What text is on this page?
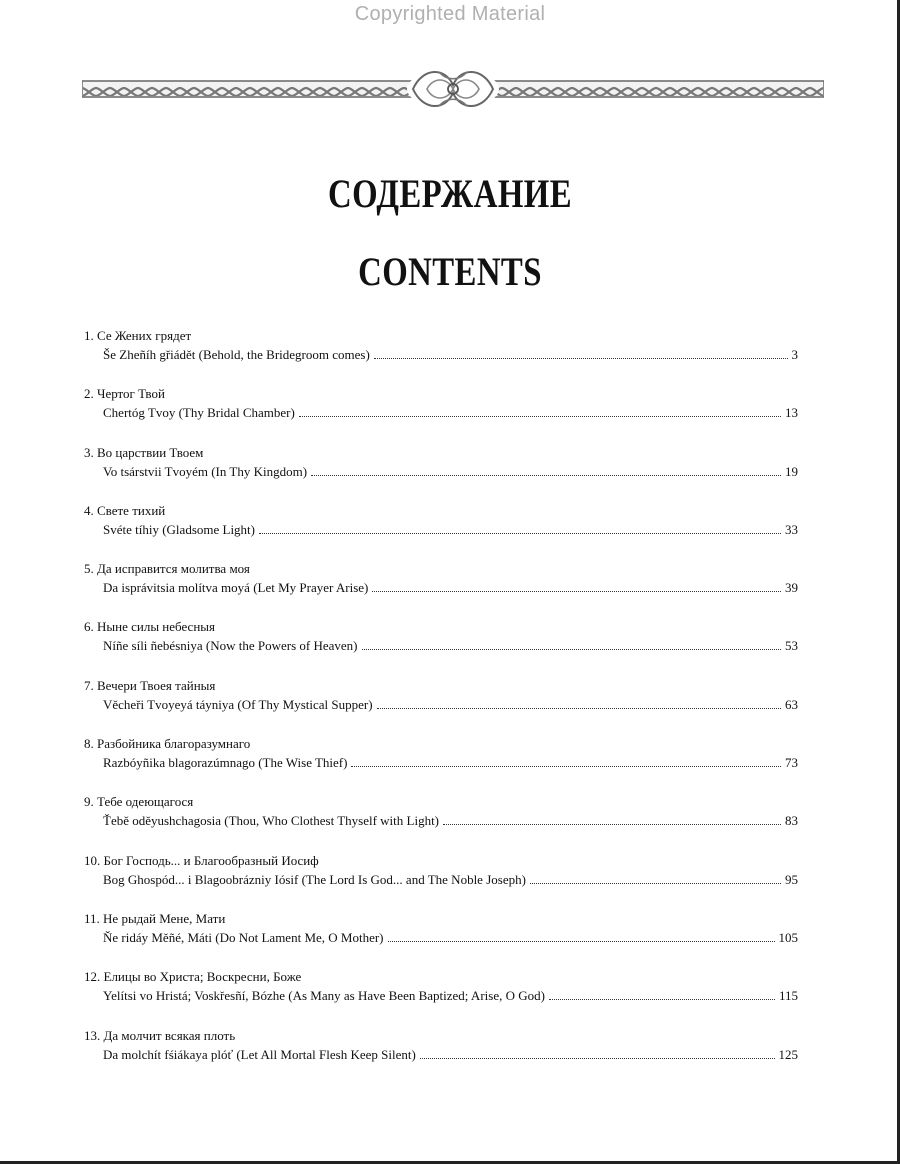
Copyrighted Material
СОДЕРЖАНИЕ
CONTENTS
1. Се Жених грядет
Še Zheñíh gřiádět (Behold, the Bridegroom comes)	3
2. Чертог Твой
Chertóg Tvoy (Thy Bridal Chamber)	13
3. Во царствии Твоем
Vo tsárstvii Tvoyém (In Thy Kingdom)	19
4. Свете тихий
Svéte tíhiy (Gladsome Light)	33
5. Да исправится молитва моя
Da isprávitsia molítva moyá (Let My Prayer Arise)	39
6. Ныне силы небесныя
Níñe síli ñebésniya (Now the Powers of Heaven)	53
7. Вечери Твоея тайныя
Věcheři Tvoyeyá táyniya (Of Thy Mystical Supper)	63
8. Разбойника благоразумнаго
Razbóyñika blagorazúmnago (The Wise Thief)	73
9. Тебе одеющагося
Ťebě oděyushchagosia (Thou, Who Clothest Thyself with Light)	83
10. Бог Господь... и Благообразный Иосиф
Bog Ghospód... i Blagoobrázniy Iósif (The Lord Is God... and The Noble Joseph)	95
11. Не рыдай Мене, Мати
Ňe ridáy Měñé, Máti (Do Not Lament Me, O Mother)	105
12. Елицы во Христа; Воскресни, Боже
Yelítsi vo Hristá; Voskřesñí, Bózhe (As Many as Have Been Baptized; Arise, O God)	115
13. Да молчит всякая плоть
Da molchít fśiákaya plóť (Let All Mortal Flesh Keep Silent)	125
